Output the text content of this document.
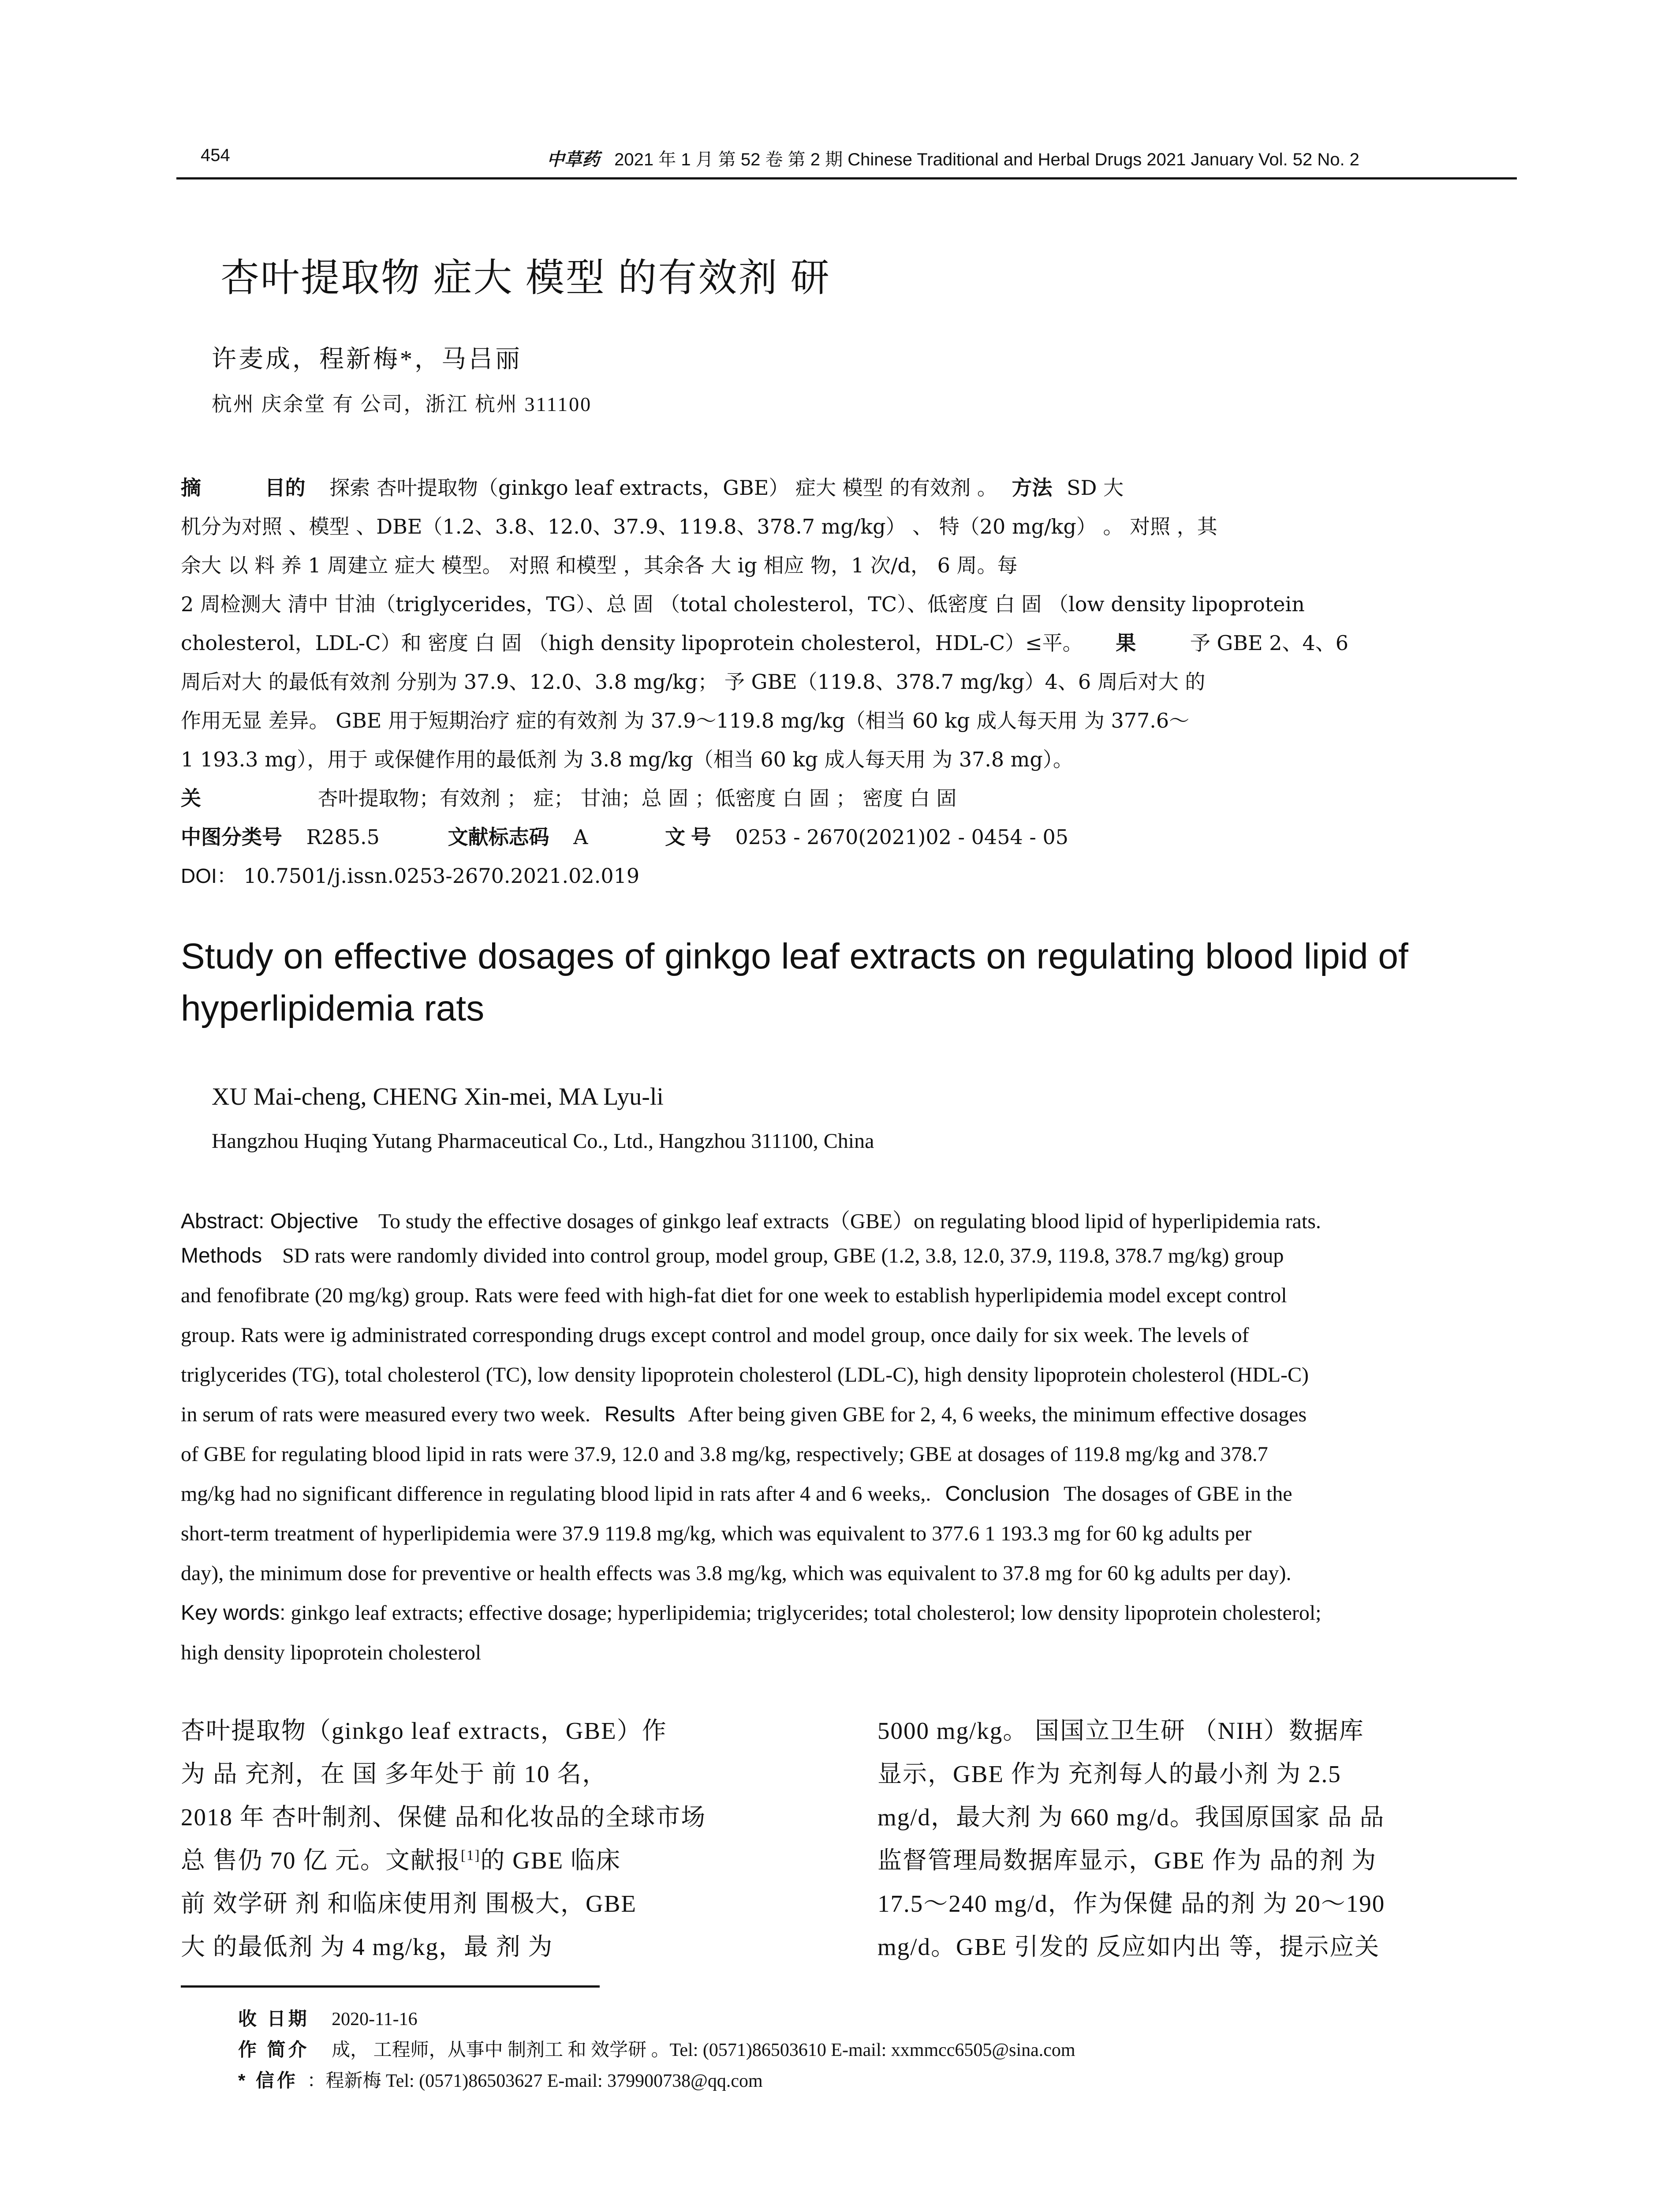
454	中草药 2021 年 1 月 第 52 卷 第 2 期 Chinese Traditional and Herbal Drugs 2021 January Vol. 52 No. 2
杏叶提取物 症大 模型 的有效剂 研
许麦成，程新梅*，马吕丽
杭州 庆余堂 有 公司，浙江 杭州 311100
摘	目的 探索 杏叶提取物（ginkgo leaf extracts，GBE） 症大 模型 的有效剂 。 方法 SD 大
机分为对照 、模型 、DBE（1.2、3.8、12.0、37.9、119.8、378.7 mg/kg） 、 特（20 mg/kg） 。 对照 ，其
余大 以 料 养 1 周建立 症大 模型。 对照 和模型 ，其余各 大 ig 相应 物，1 次/d， 6 周。每
2 周检测大 清中 甘油（triglycerides，TG）、总 固 （total cholesterol，TC）、低密度 白 固 （low density lipoprotein
cholesterol，LDL-C）和 密度 白 固 （high density lipoprotein cholesterol，HDL-C）≤平。 果	予 GBE 2、4、6
周后对大 的最低有效剂 分别为 37.9、12.0、3.8 mg/kg； 予 GBE（119.8、378.7 mg/kg）4、6 周后对大 的
作用无显 差异。 GBE 用于短期治疗 症的有效剂 为 37.9～119.8 mg/kg（相当 60 kg 成人每天用 为 377.6～
1 193.3 mg），用于 或保健作用的最低剂 为 3.8 mg/kg（相当 60 kg 成人每天用 为 37.8 mg）。
关	杏叶提取物；有效剂 ； 症； 甘油；总 固 ；低密度 白 固 ； 密度 白 固
中图分类号 R285.5	文献标志码 A	文 号 0253 - 2670(2021)02 - 0454 - 05
DOI： 10.7501/j.issn.0253-2670.2021.02.019
Study on effective dosages of ginkgo leaf extracts on regulating blood lipid of hyperlipidemia rats
XU Mai-cheng, CHENG Xin-mei, MA Lyu-li
Hangzhou Huqing Yutang Pharmaceutical Co., Ltd., Hangzhou 311100, China
Abstract: Objective To study the effective dosages of ginkgo leaf extracts（GBE）on regulating blood lipid of hyperlipidemia rats.
Methods SD rats were randomly divided into control group, model group, GBE (1.2, 3.8, 12.0, 37.9, 119.8, 378.7 mg/kg) group
and fenofibrate (20 mg/kg) group. Rats were feed with high-fat diet for one week to establish hyperlipidemia model except control
group. Rats were ig administrated corresponding drugs except control and model group, once daily for six week. The levels of
triglycerides (TG), total cholesterol (TC), low density lipoprotein cholesterol (LDL-C), high density lipoprotein cholesterol (HDL-C)
in serum of rats were measured every two week. Results After being given GBE for 2, 4, 6 weeks, the minimum effective dosages
of GBE for regulating blood lipid in rats were 37.9, 12.0 and 3.8 mg/kg, respectively; GBE at dosages of 119.8 mg/kg and 378.7
mg/kg had no significant difference in regulating blood lipid in rats after 4 and 6 weeks,. Conclusion The dosages of GBE in the
short-term treatment of hyperlipidemia were 37.9 119.8 mg/kg, which was equivalent to 377.6 1 193.3 mg for 60 kg adults per
day), the minimum dose for preventive or health effects was 3.8 mg/kg, which was equivalent to 37.8 mg for 60 kg adults per day).
Key words: ginkgo leaf extracts; effective dosage; hyperlipidemia; triglycerides; total cholesterol; low density lipoprotein cholesterol;
high density lipoprotein cholesterol
杏叶提取物（ginkgo leaf extracts，GBE）作
为 品 充剂，在 国 多年处于 前 10 名，
2018 年 杏叶制剂、保健 品和化妆品的全球市场
总 售仍 70 亿 元。文献报[1]的 GBE 临床
前 效学研 剂 和临床使用剂 围极大，GBE
大 的最低剂 为 4 mg/kg，最 剂 为
5000 mg/kg。 国国立卫生研 （NIH）数据库
显示，GBE 作为 充剂每人的最小剂 为 2.5
mg/d，最大剂 为 660 mg/d。我国原国家 品 品
监督管理局数据库显示，GBE 作为 品的剂 为
17.5～240 mg/d，作为保健 品的剂 为 20～190
mg/d。GBE 引发的 反应如内出 等，提示应关
收 日期 2020-11-16
作 简介 成， 工程师，从事中 制剂工 和 效学研 。Tel: (0571)86503610 E-mail: xxmmcc6505@sina.com
* 信作 ：程新梅 Tel: (0571)86503627 E-mail: 379900738@qq.com
